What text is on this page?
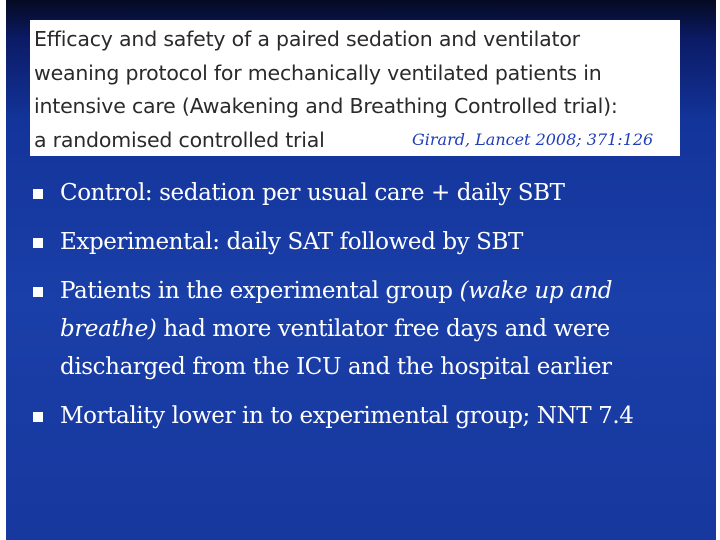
Efficacy and safety of a paired sedation and ventilator
weaning protocol for mechanically ventilated patients in
intensive care (Awakening and Breathing Controlled trial):
a randomised controlled trial	Girard, Lancet 2008; 371:126
Control: sedation per usual care + daily SBT
Experimental: daily SAT followed by SBT
Patients in the experimental group (wake up and breathe) had more ventilator free days and were discharged from the ICU and the hospital earlier
Mortality lower in to experimental group; NNT 7.4
